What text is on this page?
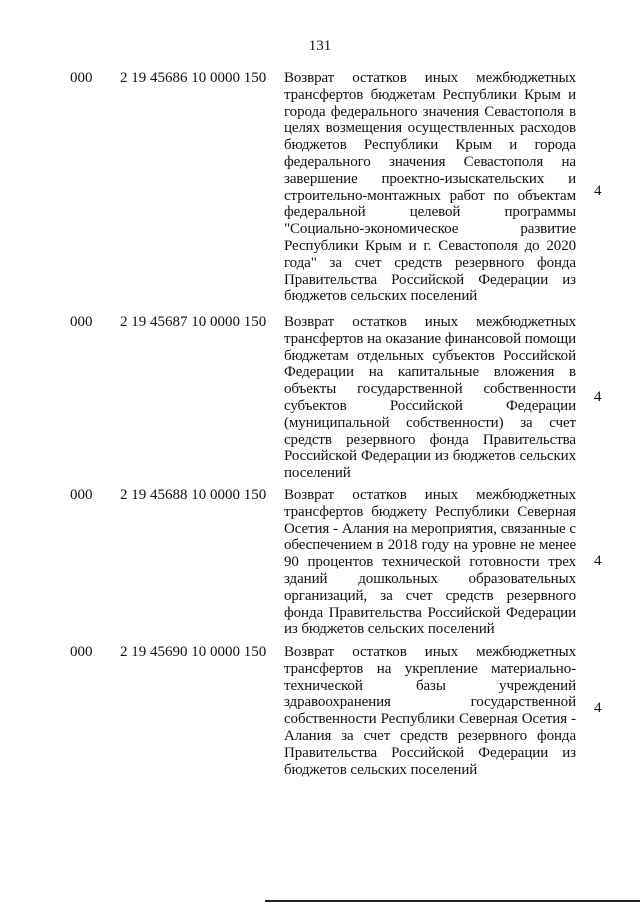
131
000 2 19 45686 10 0000 150 Возврат остатков иных межбюджетных трансфертов бюджетам Республики Крым и города федерального значения Севастополя в целях возмещения осуществленных расходов бюджетов Республики Крым и города федерального значения Севастополя на завершение проектно-изыскательских и строительно-монтажных работ по объектам федеральной целевой программы "Социально-экономическое развитие Республики Крым и г. Севастополя до 2020 года" за счет средств резервного фонда Правительства Российской Федерации из бюджетов сельских поселений
4
000 2 19 45687 10 0000 150 Возврат остатков иных межбюджетных трансфертов на оказание финансовой помощи бюджетам отдельных субъектов Российской Федерации на капитальные вложения в объекты государственной собственности субъектов Российской Федерации (муниципальной собственности) за счет средств резервного фонда Правительства Российской Федерации из бюджетов сельских поселений
4
000 2 19 45688 10 0000 150 Возврат остатков иных межбюджетных трансфертов бюджету Республики Северная Осетия - Алания на мероприятия, связанные с обеспечением в 2018 году на уровне не менее 90 процентов технической готовности трех зданий дошкольных образовательных организаций, за счет средств резервного фонда Правительства Российской Федерации из бюджетов сельских поселений
4
000 2 19 45690 10 0000 150 Возврат остатков иных межбюджетных трансфертов на укрепление материально-технической базы учреждений здравоохранения государственной собственности Республики Северная Осетия - Алания за счет средств резервного фонда Правительства Российской Федерации из бюджетов сельских поселений
4
